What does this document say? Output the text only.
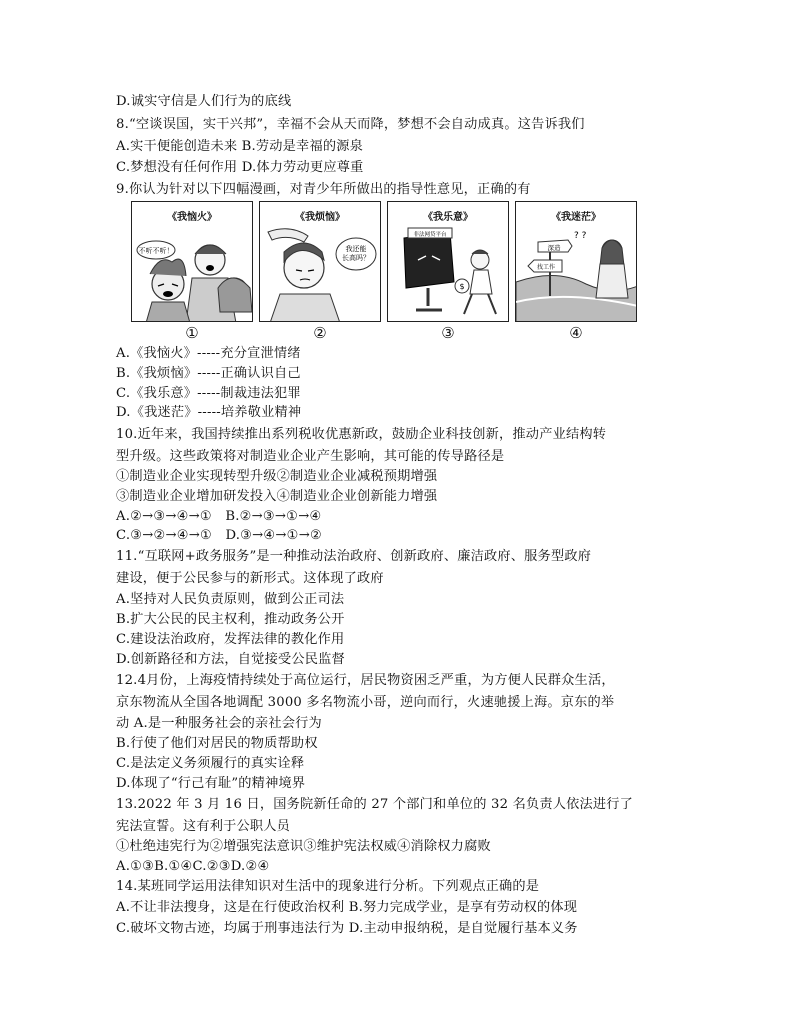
D.诚实守信是人们行为的底线
8.“空谈误国，实干兴邦”，幸福不会从天而降，梦想不会自动成真。这告诉我们
A.实干便能创造未来 B.劳动是幸福的源泉
C.梦想没有任何作用 D.体力劳动更应尊重
9.你认为针对以下四幅漫画，对青少年所做出的指导性意见，正确的有
《我恼火》
不听不听！
①
《我烦恼》
我还能
长高吗？
②
《我乐意》
非法网贷平台
$
③
《我迷茫》
深造
找工作
? ?
④
A.《我恼火》-----充分宣泄情绪
B.《我烦恼》-----正确认识自己
C.《我乐意》-----制裁违法犯罪
D.《我迷茫》-----培养敬业精神
10.近年来，我国持续推出系列税收优惠新政，鼓励企业科技创新，推动产业结构转
型升级。这些政策将对制造业企业产生影响，其可能的传导路径是
①制造业企业实现转型升级②制造业企业减税预期增强
③制造业企业增加研发投入④制造业企业创新能力增强
A.②→③→④→①　B.②→③→①→④
C.③→②→④→①　D.③→④→①→②
11.“互联网+政务服务”是一种推动法治政府、创新政府、廉洁政府、服务型政府
建设，便于公民参与的新形式。这体现了政府
A.坚持对人民负责原则，做到公正司法
B.扩大公民的民主权利，推动政务公开
C.建设法治政府，发挥法律的教化作用
D.创新路径和方法，自觉接受公民监督
12.4月份，上海疫情持续处于高位运行，居民物资困乏严重，为方便人民群众生活，
京东物流从全国各地调配 3000 多名物流小哥，逆向而行，火速驰援上海。京东的举
动 A.是一种服务社会的亲社会行为
B.行使了他们对居民的物质帮助权
C.是法定义务须履行的真实诠释
D.体现了“行己有耻”的精神境界
13.2022 年 3 月 16 日，国务院新任命的 27 个部门和单位的 32 名负责人依法进行了
宪法宣誓。这有利于公职人员
①杜绝违宪行为②增强宪法意识③维护宪法权威④消除权力腐败
A.①③B.①④C.②③D.②④
14.某班同学运用法律知识对生活中的现象进行分析。下列观点正确的是
A.不让非法搜身，这是在行使政治权利 B.努力完成学业，是享有劳动权的体现
C.破坏文物古迹，均属于刑事违法行为 D.主动申报纳税，是自觉履行基本义务
